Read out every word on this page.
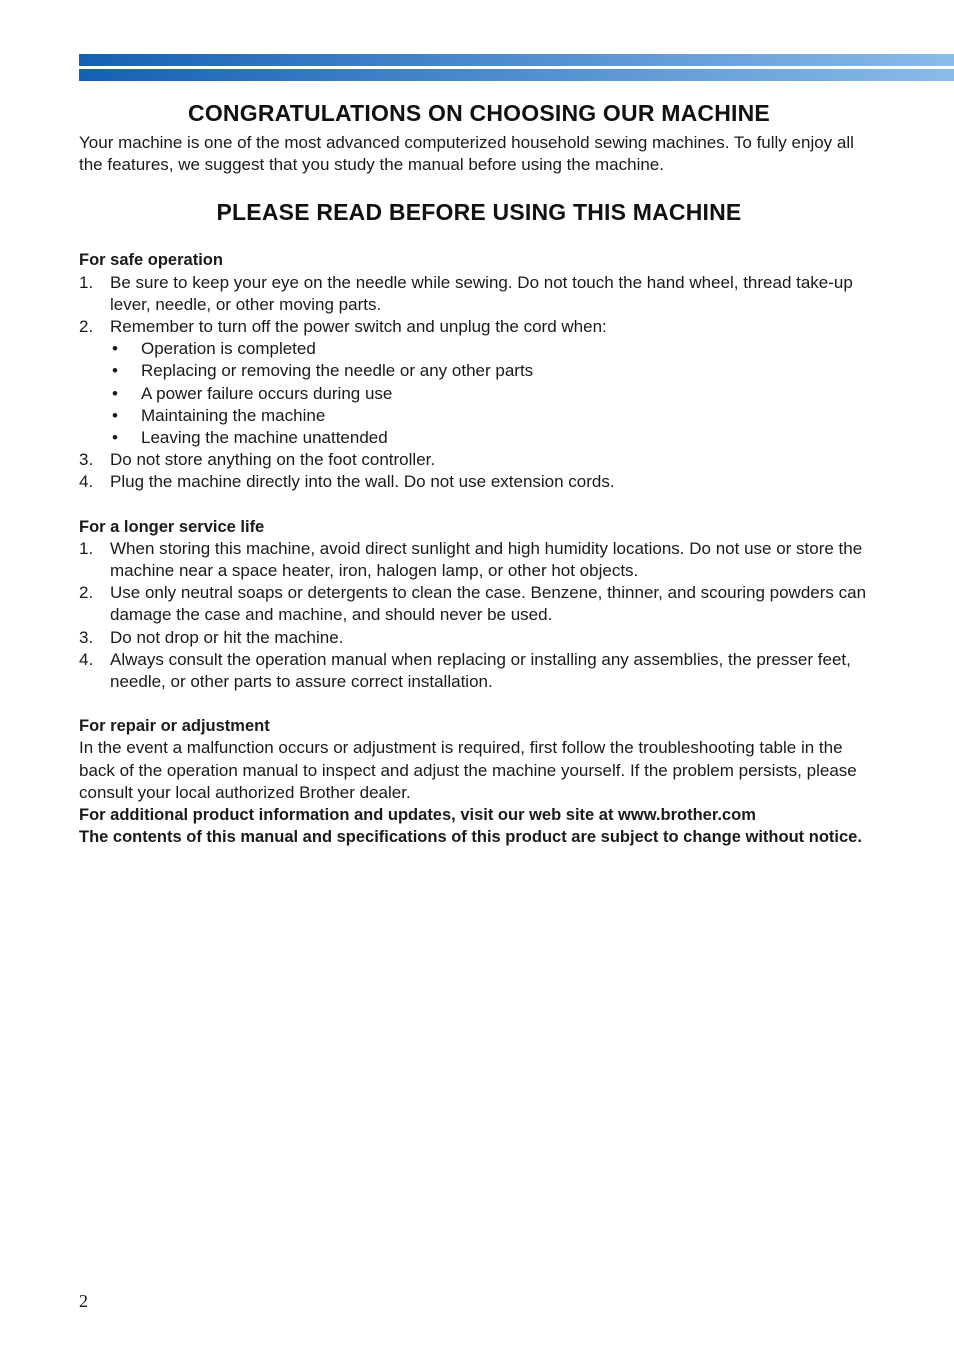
CONGRATULATIONS ON CHOOSING OUR MACHINE

Your machine is one of the most advanced computerized household sewing machines. To fully enjoy all the features, we suggest that you study the manual before using the machine.

PLEASE READ BEFORE USING THIS MACHINE
For safe operation
1. Be sure to keep your eye on the needle while sewing. Do not touch the hand wheel, thread take-up lever, needle, or other moving parts.
2. Remember to turn off the power switch and unplug the cord when:
• Operation is completed
• Replacing or removing the needle or any other parts
• A power failure occurs during use
• Maintaining the machine
• Leaving the machine unattended
3. Do not store anything on the foot controller.
4. Plug the machine directly into the wall. Do not use extension cords.
For a longer service life
1. When storing this machine, avoid direct sunlight and high humidity locations. Do not use or store the machine near a space heater, iron, halogen lamp, or other hot objects.
2. Use only neutral soaps or detergents to clean the case. Benzene, thinner, and scouring powders can damage the case and machine, and should never be used.
3. Do not drop or hit the machine.
4. Always consult the operation manual when replacing or installing any assemblies, the presser feet, needle, or other parts to assure correct installation.
For repair or adjustment

In the event a malfunction occurs or adjustment is required, first follow the troubleshooting table in the back of the operation manual to inspect and adjust the machine yourself. If the problem persists, please consult your local authorized Brother dealer.

For additional product information and updates, visit our web site at www.brother.com

The contents of this manual and specifications of this product are subject to change without notice.

2
